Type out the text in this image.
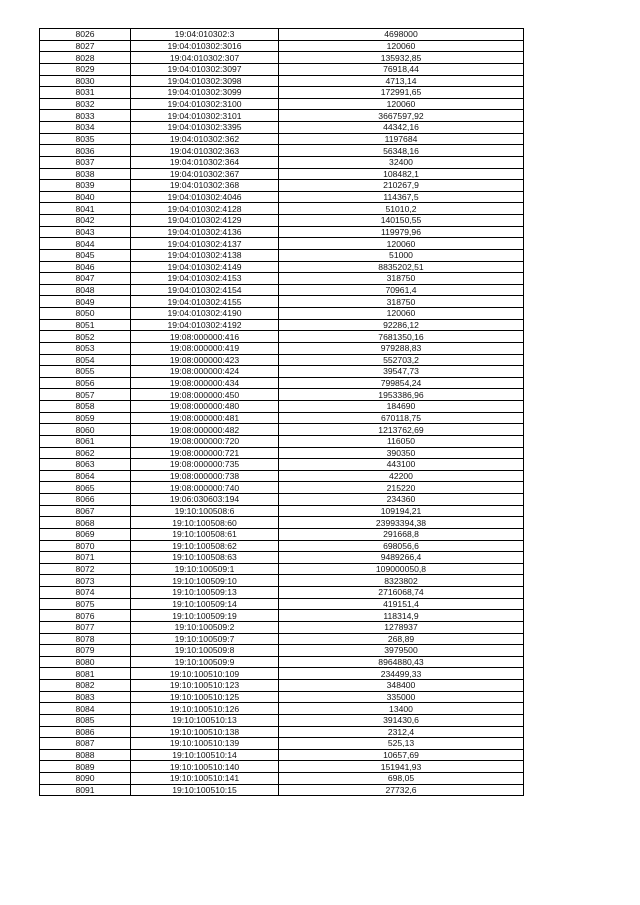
8026	19:04:010302:3	4698000
8027	19:04:010302:3016	120060
8028	19:04:010302:307	135932,85
8029	19:04:010302:3097	76918,44
8030	19:04:010302:3098	4713,14
8031	19:04:010302:3099	172991,65
8032	19:04:010302:3100	120060
8033	19:04:010302:3101	3667597,92
8034	19:04:010302:3395	44342,16
8035	19:04:010302:362	1197684
8036	19:04:010302:363	56348,16
8037	19:04:010302:364	32400
8038	19:04:010302:367	108482,1
8039	19:04:010302:368	210267,9
8040	19:04:010302:4046	114367,5
8041	19:04:010302:4128	51010,2
8042	19:04:010302:4129	140150,55
8043	19:04:010302:4136	119979,96
8044	19:04:010302:4137	120060
8045	19:04:010302:4138	51000
8046	19:04:010302:4149	8835202,51
8047	19:04:010302:4153	318750
8048	19:04:010302:4154	70961,4
8049	19:04:010302:4155	318750
8050	19:04:010302:4190	120060
8051	19:04:010302:4192	92286,12
8052	19:08:000000:416	7681350,16
8053	19:08:000000:419	979288,83
8054	19:08:000000:423	552703,2
8055	19:08:000000:424	39547,73
8056	19:08:000000:434	799854,24
8057	19:08:000000:450	1953386,96
8058	19:08:000000:480	184690
8059	19:08:000000:481	670118,75
8060	19:08:000000:482	1213762,69
8061	19:08:000000:720	116050
8062	19:08:000000:721	390350
8063	19:08:000000:735	443100
8064	19:08:000000:738	42200
8065	19:08:000000:740	215220
8066	19:06:030603:194	234360
8067	19:10:100508:6	109194,21
8068	19:10:100508:60	23993394,38
8069	19:10:100508:61	291668,8
8070	19:10:100508:62	698056,6
8071	19:10:100508:63	9489266,4
8072	19:10:100509:1	109000050,8
8073	19:10:100509:10	8323802
8074	19:10:100509:13	2716068,74
8075	19:10:100509:14	419151,4
8076	19:10:100509:19	118314,9
8077	19:10:100509:2	1278937
8078	19:10:100509:7	268,89
8079	19:10:100509:8	3979500
8080	19:10:100509:9	8964880,43
8081	19:10:100510:109	234499,33
8082	19:10:100510:123	348400
8083	19:10:100510:125	335000
8084	19:10:100510:126	13400
8085	19:10:100510:13	391430,6
8086	19:10:100510:138	2312,4
8087	19:10:100510:139	525,13
8088	19:10:100510:14	10657,69
8089	19:10:100510:140	151941,93
8090	19:10:100510:141	698,05
8091	19:10:100510:15	27732,6
